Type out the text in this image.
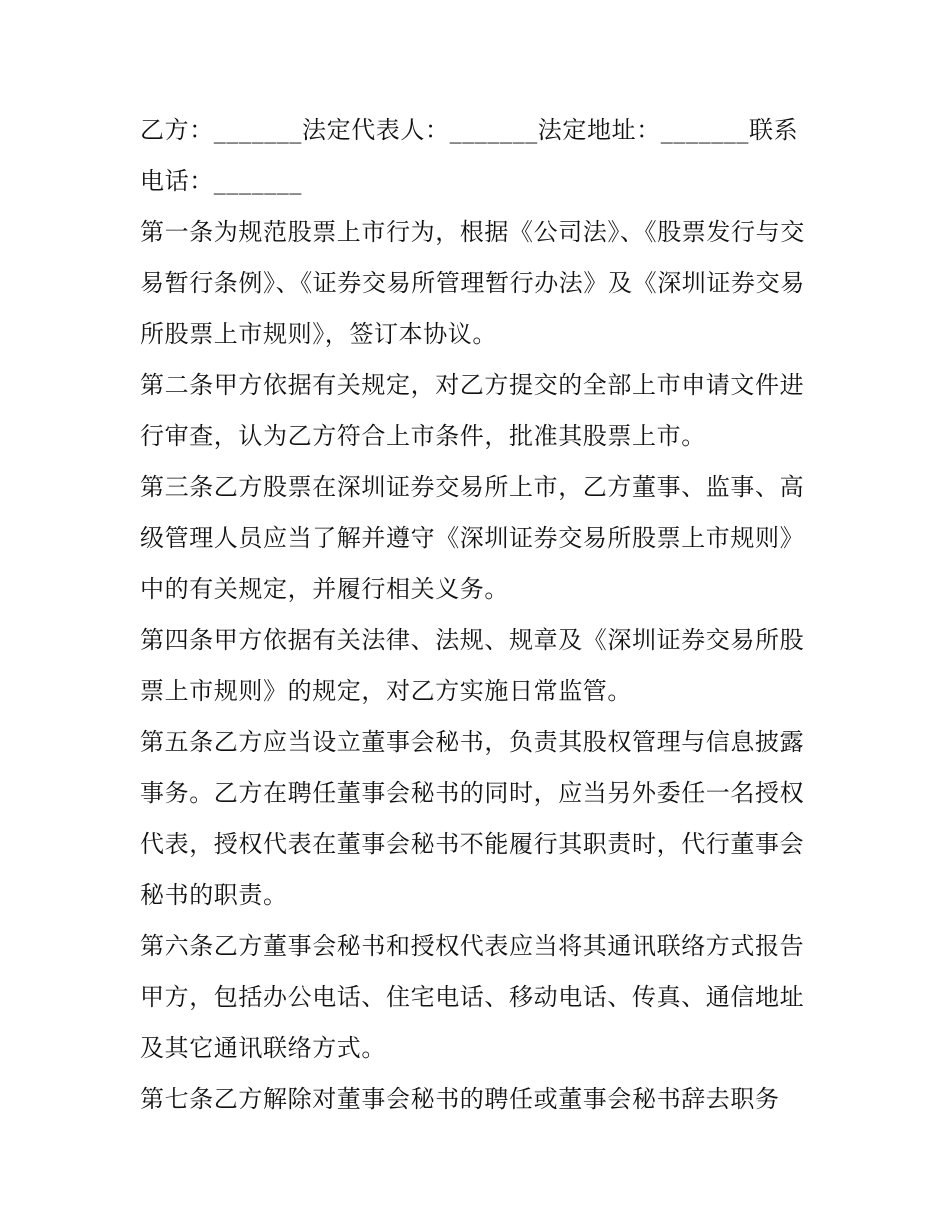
乙方：_______法定代表人：_______法定地址：_______联系电话：_______

第一条为规范股票上市行为，根据《公司法》、《股票发行与交易暂行条例》、《证券交易所管理暂行办法》及《深圳证券交易所股票上市规则》，签订本协议。

第二条甲方依据有关规定，对乙方提交的全部上市申请文件进行审查，认为乙方符合上市条件，批准其股票上市。

第三条乙方股票在深圳证券交易所上市，乙方董事、监事、高级管理人员应当了解并遵守《深圳证券交易所股票上市规则》中的有关规定，并履行相关义务。

第四条甲方依据有关法律、法规、规章及《深圳证券交易所股票上市规则》的规定，对乙方实施日常监管。

第五条乙方应当设立董事会秘书，负责其股权管理与信息披露事务。乙方在聘任董事会秘书的同时，应当另外委任一名授权代表，授权代表在董事会秘书不能履行其职责时，代行董事会秘书的职责。

第六条乙方董事会秘书和授权代表应当将其通讯联络方式报告甲方，包括办公电话、住宅电话、移动电话、传真、通信地址及其它通讯联络方式。

第七条乙方解除对董事会秘书的聘任或董事会秘书辞去职务
